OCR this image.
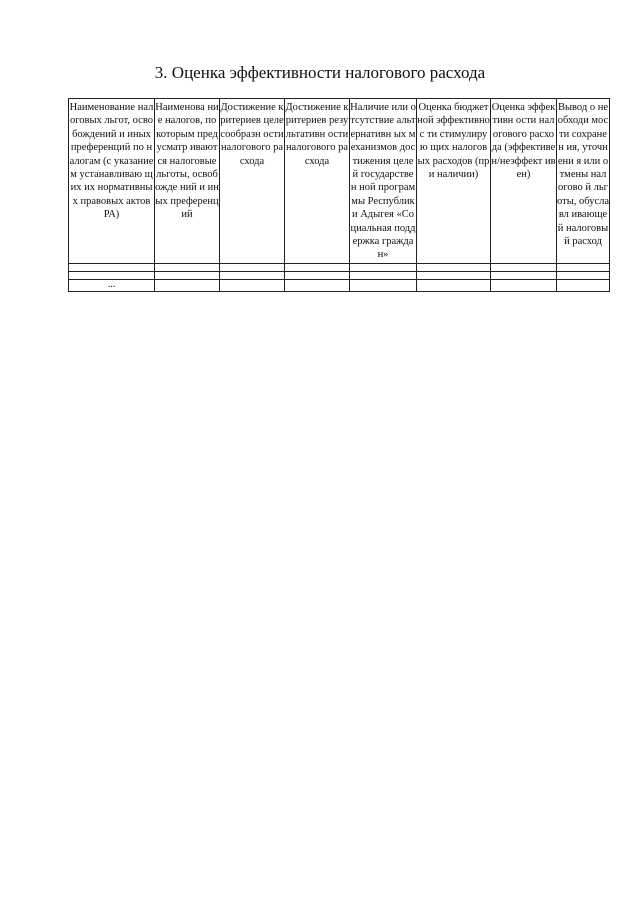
3. Оценка эффективности налогового расхода
Наименование налоговых льгот, освобождений и иных преференций по налогам (с указанием устанавливаю щих их нормативных правовых актов РА)	Наименова ние налогов, по которым предусматр иваются налоговые льготы, освобожде ний и иных преференц ий	Достижение критериев целесообразн ости налогового расхода	Достижение критериев результативн ости налогового расхода	Наличие или отсутствие альтернативн ых механизмов достижения целей государствен ной программы Республики Адыгея «Социальная поддержка граждан»	Оценка бюджетной эффективнос ти стимулирую щих налоговых расходов (при наличии)	Оценка эффективн ости налогового расхода (эффективе н/неэффект ивен)	Вывод о необходи мости сохранен ия, уточнени я или отмены налогово й льготы, обуславл ивающей налоговы й расход

...							
